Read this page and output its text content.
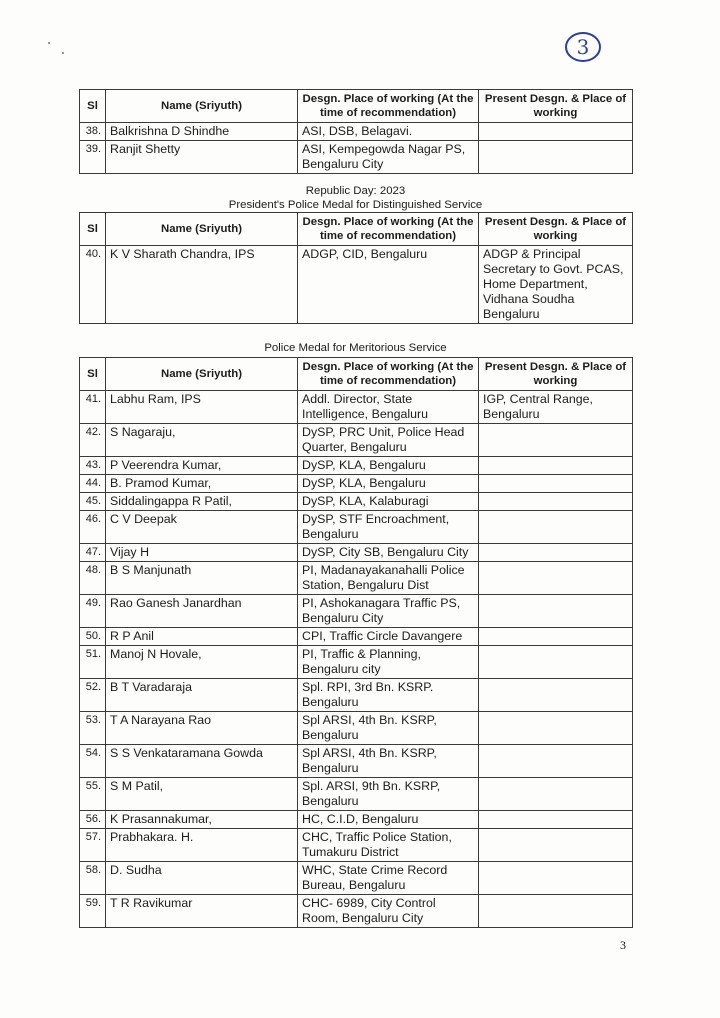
3
Sl	Name (Sriyuth)	Desgn. Place of working (At the time of recommendation)	Present Desgn. & Place of working
38.	Balkrishna D Shindhe	ASI, DSB, Belagavi.	
39.	Ranjit Shetty	ASI, Kempegowda Nagar PS, Bengaluru City	
Republic Day: 2023
President's Police Medal for Distinguished Service
Sl	Name (Sriyuth)	Desgn. Place of working (At the time of recommendation)	Present Desgn. & Place of working
40.	K V Sharath Chandra, IPS	ADGP, CID, Bengaluru	ADGP & Principal Secretary to Govt. PCAS, Home Department, Vidhana Soudha Bengaluru
Police Medal for Meritorious Service
Sl	Name (Sriyuth)	Desgn. Place of working (At the time of recommendation)	Present Desgn. & Place of working
41.	Labhu Ram, IPS	Addl. Director, State Intelligence, Bengaluru	IGP, Central Range, Bengaluru
42.	S Nagaraju,	DySP, PRC Unit, Police Head Quarter, Bengaluru	
43.	P Veerendra Kumar,	DySP, KLA, Bengaluru	
44.	B. Pramod Kumar,	DySP, KLA, Bengaluru	
45.	Siddalingappa R Patil,	DySP, KLA, Kalaburagi	
46.	C V Deepak	DySP, STF Encroachment, Bengaluru	
47.	Vijay H	DySP, City SB, Bengaluru City	
48.	B S Manjunath	PI, Madanayakanahalli Police Station, Bengaluru Dist	
49.	Rao Ganesh Janardhan	PI, Ashokanagara Traffic PS, Bengaluru City	
50.	R P Anil	CPI, Traffic Circle Davangere	
51.	Manoj N Hovale,	PI, Traffic & Planning, Bengaluru city	
52.	B T Varadaraja	Spl. RPI, 3rd Bn. KSRP. Bengaluru	
53.	T A Narayana Rao	Spl ARSI, 4th Bn. KSRP, Bengaluru	
54.	S S Venkataramana Gowda	Spl ARSI, 4th Bn. KSRP, Bengaluru	
55.	S M Patil,	Spl. ARSI, 9th Bn. KSRP, Bengaluru	
56.	K Prasannakumar,	HC, C.I.D, Bengaluru	
57.	Prabhakara. H.	CHC, Traffic Police Station, Tumakuru District	
58.	D. Sudha	WHC, State Crime Record Bureau, Bengaluru	
59.	T R Ravikumar	CHC- 6989, City Control Room, Bengaluru City	
3
